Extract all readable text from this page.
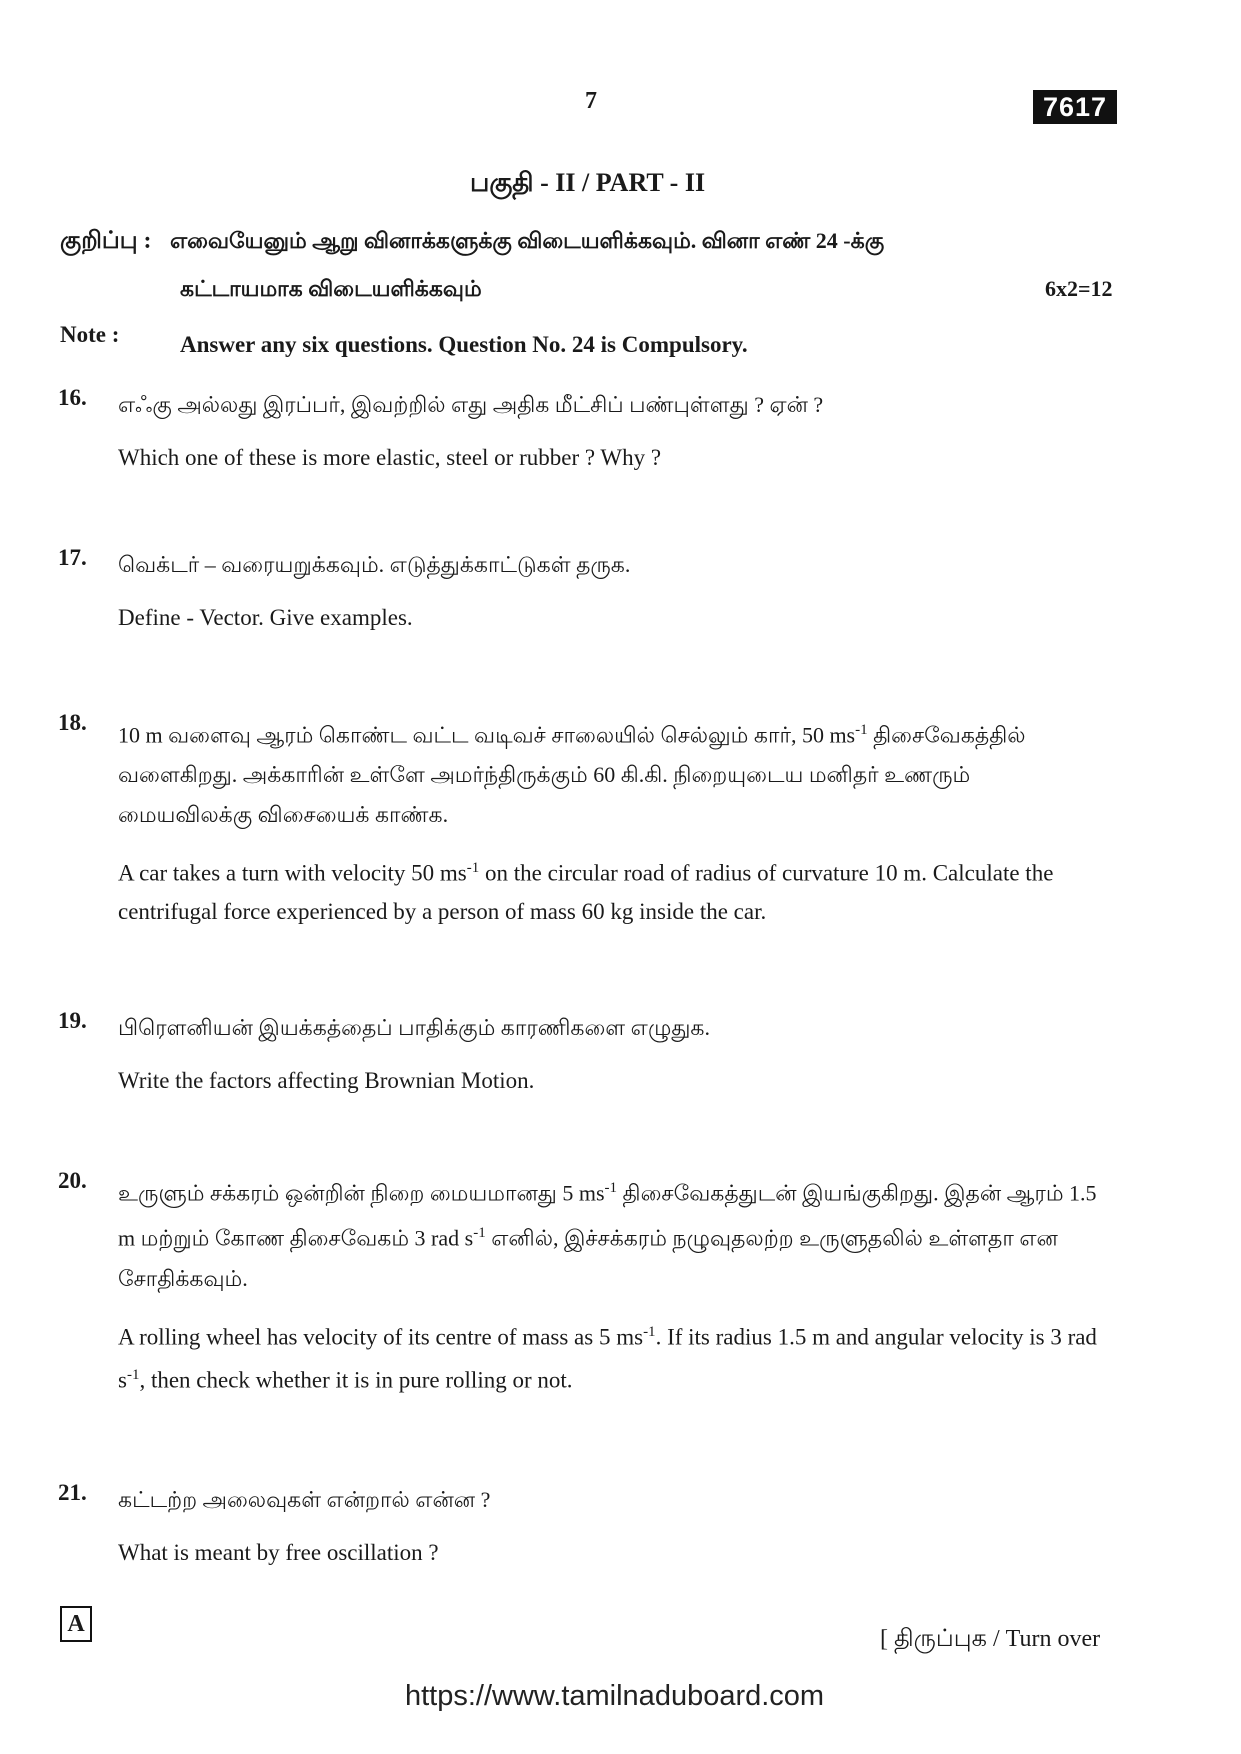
7	7617
பகுதி - II / PART - II
குறிப்பு : எவையேனும் ஆறு வினாக்களுக்கு விடையளிக்கவும். வினா எண் 24 -க்கு
கட்டாயமாக விடையளிக்கவும்	6x2=12
Note :	Answer any six questions. Question No. 24 is Compulsory.
16. எஃகு அல்லது இரப்பர், இவற்றில் எது அதிக மீட்சிப் பண்புள்ளது ? ஏன் ?

Which one of these is more elastic, steel or rubber ? Why ?

17. வெக்டர் – வரையறுக்கவும். எடுத்துக்காட்டுகள் தருக.

Define - Vector. Give examples.

18. 10 m வளைவு ஆரம் கொண்ட வட்ட வடிவச் சாலையில் செல்லும் கார், 50 $ms^{-1}$ திசைவேகத்தில் வளைகிறது. அக்காரின் உள்ளே அமர்ந்திருக்கும் 60 கி.கி. நிறையுடைய மனிதர் உணரும் மையவிலக்கு விசையைக் காண்க.

A car takes a turn with velocity 50 $ms^{-1}$ on the circular road of radius of curvature 10 m. Calculate the centrifugal force experienced by a person of mass 60 kg inside the car.

19. பிரௌனியன் இயக்கத்தைப் பாதிக்கும் காரணிகளை எழுதுக.

Write the factors affecting Brownian Motion.

20. உருளும் சக்கரம் ஒன்றின் நிறை மையமானது 5 $ms^{-1}$ திசைவேகத்துடன் இயங்குகிறது. இதன் ஆரம் 1.5 m மற்றும் கோண திசைவேகம் 3 rad $s^{-1}$ எனில், இச்சக்கரம் நழுவுதலற்ற உருளுதலில் உள்ளதா என சோதிக்கவும்.

A rolling wheel has velocity of its centre of mass as 5 $ms^{-1}$. If its radius 1.5 m and angular velocity is 3 rad $s^{-1}$, then check whether it is in pure rolling or not.

21. கட்டற்ற அலைவுகள் என்றால் என்ன ?

What is meant by free oscillation ?

A
[ திருப்புக / Turn over
https://www.tamilnaduboard.com
